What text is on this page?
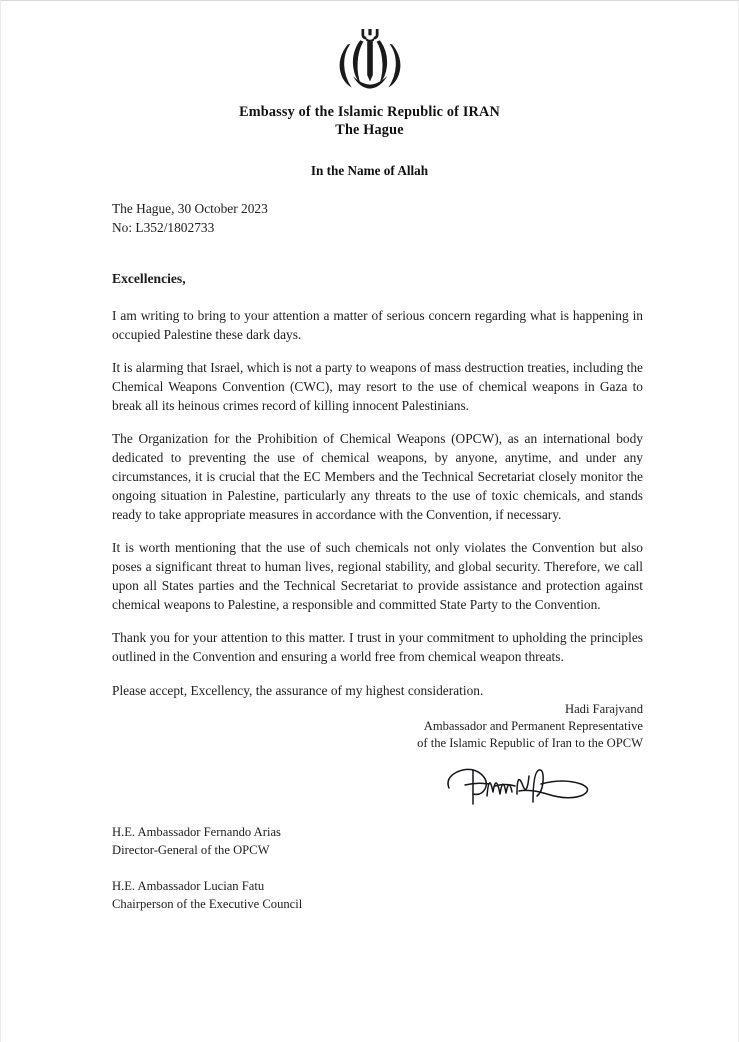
Embassy of the Islamic Republic of IRAN
The Hague
In the Name of Allah
The Hague, 30 October 2023
No: L352/1802733

Excellencies,

I am writing to bring to your attention a matter of serious concern regarding what is happening in occupied Palestine these dark days.

It is alarming that Israel, which is not a party to weapons of mass destruction treaties, including the Chemical Weapons Convention (CWC), may resort to the use of chemical weapons in Gaza to break all its heinous crimes record of killing innocent Palestinians.

The Organization for the Prohibition of Chemical Weapons (OPCW), as an international body dedicated to preventing the use of chemical weapons, by anyone, anytime, and under any circumstances, it is crucial that the EC Members and the Technical Secretariat closely monitor the ongoing situation in Palestine, particularly any threats to the use of toxic chemicals, and stands ready to take appropriate measures in accordance with the Convention, if necessary.

It is worth mentioning that the use of such chemicals not only violates the Convention but also poses a significant threat to human lives, regional stability, and global security. Therefore, we call upon all States parties and the Technical Secretariat to provide assistance and protection against chemical weapons to Palestine, a responsible and committed State Party to the Convention.

Thank you for your attention to this matter. I trust in your commitment to upholding the principles outlined in the Convention and ensuring a world free from chemical weapon threats.

Please accept, Excellency, the assurance of my highest consideration.

Hadi Farajvand
Ambassador and Permanent Representative
of the Islamic Republic of Iran to the OPCW
H.E. Ambassador Fernando Arias
Director-General of the OPCW
H.E. Ambassador Lucian Fatu
Chairperson of the Executive Council
